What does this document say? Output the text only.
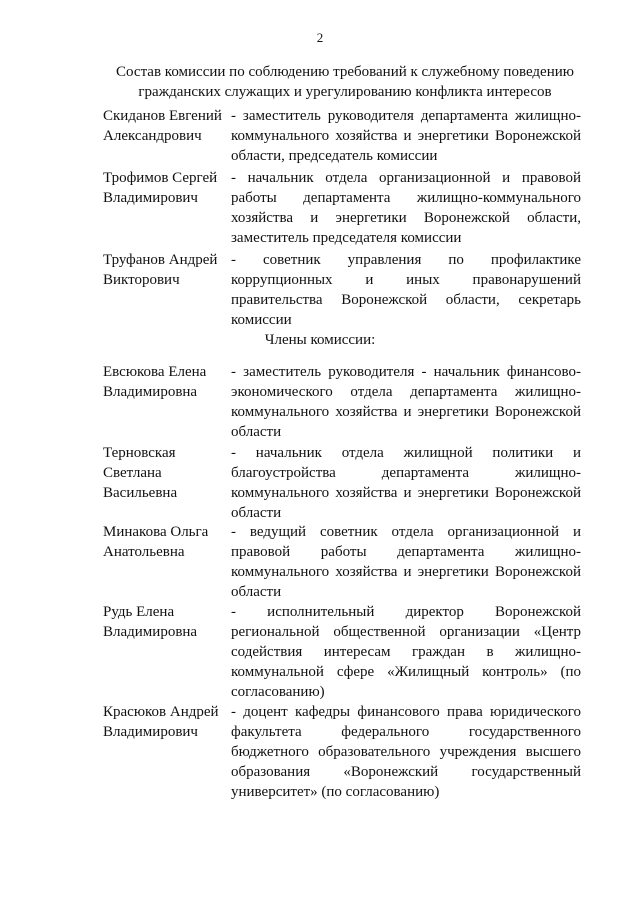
2
Состав комиссии по соблюдению требований к служебному поведению
гражданских служащих и урегулированию конфликта интересов
Скиданов Евгений
Александрович
- заместитель руководителя департамента жилищно-коммунального хозяйства и энергетики Воронежской области, председатель комиссии
Трофимов Сергей
Владимирович
- начальник отдела организационной и правовой работы департамента жилищно-коммунального хозяйства и энергетики Воронежской области, заместитель председателя комиссии
Труфанов Андрей
Викторович
- советник управления по профилактике коррупционных и иных правонарушений правительства Воронежской области, секретарь комиссии
Члены комиссии:
Евсюкова Елена
Владимировна
- заместитель руководителя - начальник финансово-экономического отдела департамента жилищно-коммунального хозяйства и энергетики Воронежской области
Терновская
Светлана
Васильевна
- начальник отдела жилищной политики и благоустройства департамента жилищно-коммунального хозяйства и энергетики Воронежской области
Минакова Ольга
Анатольевна
- ведущий советник отдела организационной и правовой работы департамента жилищно-коммунального хозяйства и энергетики Воронежской области
Рудь Елена
Владимировна
- исполнительный директор Воронежской региональной общественной организации «Центр содействия интересам граждан в жилищно-коммунальной сфере «Жилищный контроль» (по согласованию)
Красюков Андрей
Владимирович
- доцент кафедры финансового права юридического факультета федерального государственного бюджетного образовательного учреждения высшего образования «Воронежский государственный университет» (по согласованию)
